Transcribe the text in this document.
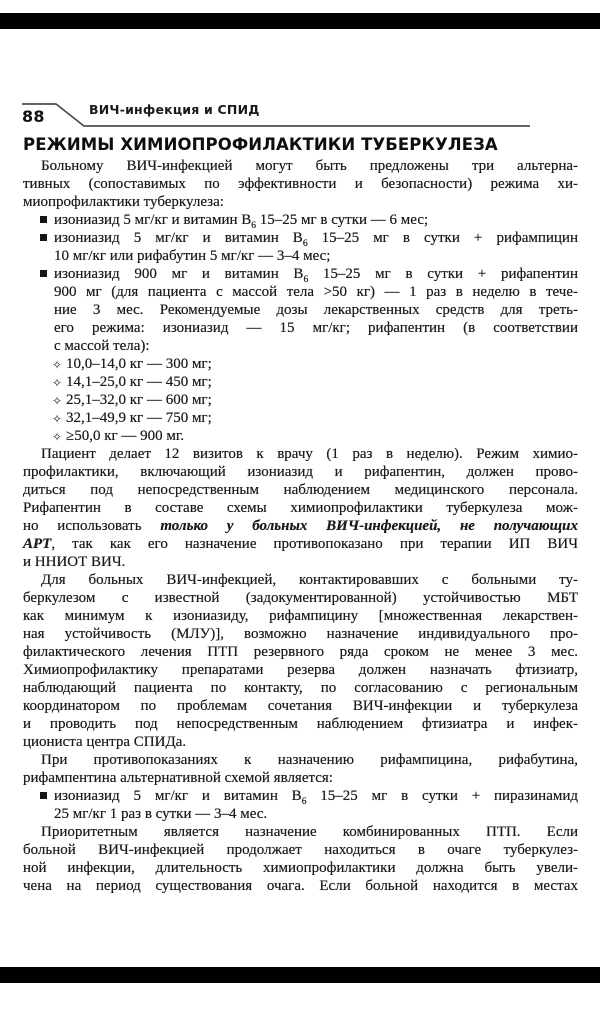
88	ВИЧ-инфекция и СПИД
РЕЖИМЫ ХИМИОПРОФИЛАКТИКИ ТУБЕРКУЛЕЗА
Больному ВИЧ-инфекцией могут быть предложены три альтерна-
тивных (сопоставимых по эффективности и безопасности) режима хи-
миопрофилактики туберкулеза:
изониазид 5 мг/кг и витамин $В_6$ 15–25 мг в сутки — 6 мес;
изониазид 5 мг/кг и витамин $В_6$ 15–25 мг в сутки + рифампицин
10 мг/кг или рифабутин 5 мг/кг — 3–4 мес;
изониазид 900 мг и витамин $В_6$ 15–25 мг в сутки + рифапентин
900 мг (для пациента с массой тела >50 кг) — 1 раз в неделю в тече-
ние 3 мес. Рекомендуемые дозы лекарственных средств для треть-
его режима: изониазид — 15 мг/кг; рифапентин (в соответствии
с массой тела):
✧ 10,0–14,0 кг — 300 мг;
✧ 14,1–25,0 кг — 450 мг;
✧ 25,1–32,0 кг — 600 мг;
✧ 32,1–49,9 кг — 750 мг;
✧ ≥50,0 кг — 900 мг.
Пациент делает 12 визитов к врачу (1 раз в неделю). Режим химио-
профилактики, включающий изониазид и рифапентин, должен прово-
диться под непосредственным наблюдением медицинского персонала.
Рифапентин в составе схемы химиопрофилактики туберкулеза мож-
но использовать только у больных ВИЧ-инфекцией, не получающих
АРТ, так как его назначение противопоказано при терапии ИП ВИЧ
и ННИОТ ВИЧ.
Для больных ВИЧ-инфекцией, контактировавших с больными ту-
беркулезом с известной (задокументированной) устойчивостью МБТ
как минимум к изониазиду, рифампицину [множественная лекарствен-
ная устойчивость (МЛУ)], возможно назначение индивидуального про-
филактического лечения ПТП резервного ряда сроком не менее 3 мес.
Химиопрофилактику препаратами резерва должен назначать фтизиатр,
наблюдающий пациента по контакту, по согласованию с региональным
координатором по проблемам сочетания ВИЧ-инфекции и туберкулеза
и проводить под непосредственным наблюдением фтизиатра и инфек-
циониста центра СПИДа.
При противопоказаниях к назначению рифампицина, рифабутина,
рифампентина альтернативной схемой является:
изониазид 5 мг/кг и витамин $В_6$ 15–25 мг в сутки + пиразинамид
25 мг/кг 1 раз в сутки — 3–4 мес.
Приоритетным является назначение комбинированных ПТП. Если
больной ВИЧ-инфекцией продолжает находиться в очаге туберкулез-
ной инфекции, длительность химиопрофилактики должна быть увели-
чена на период существования очага. Если больной находится в местах
